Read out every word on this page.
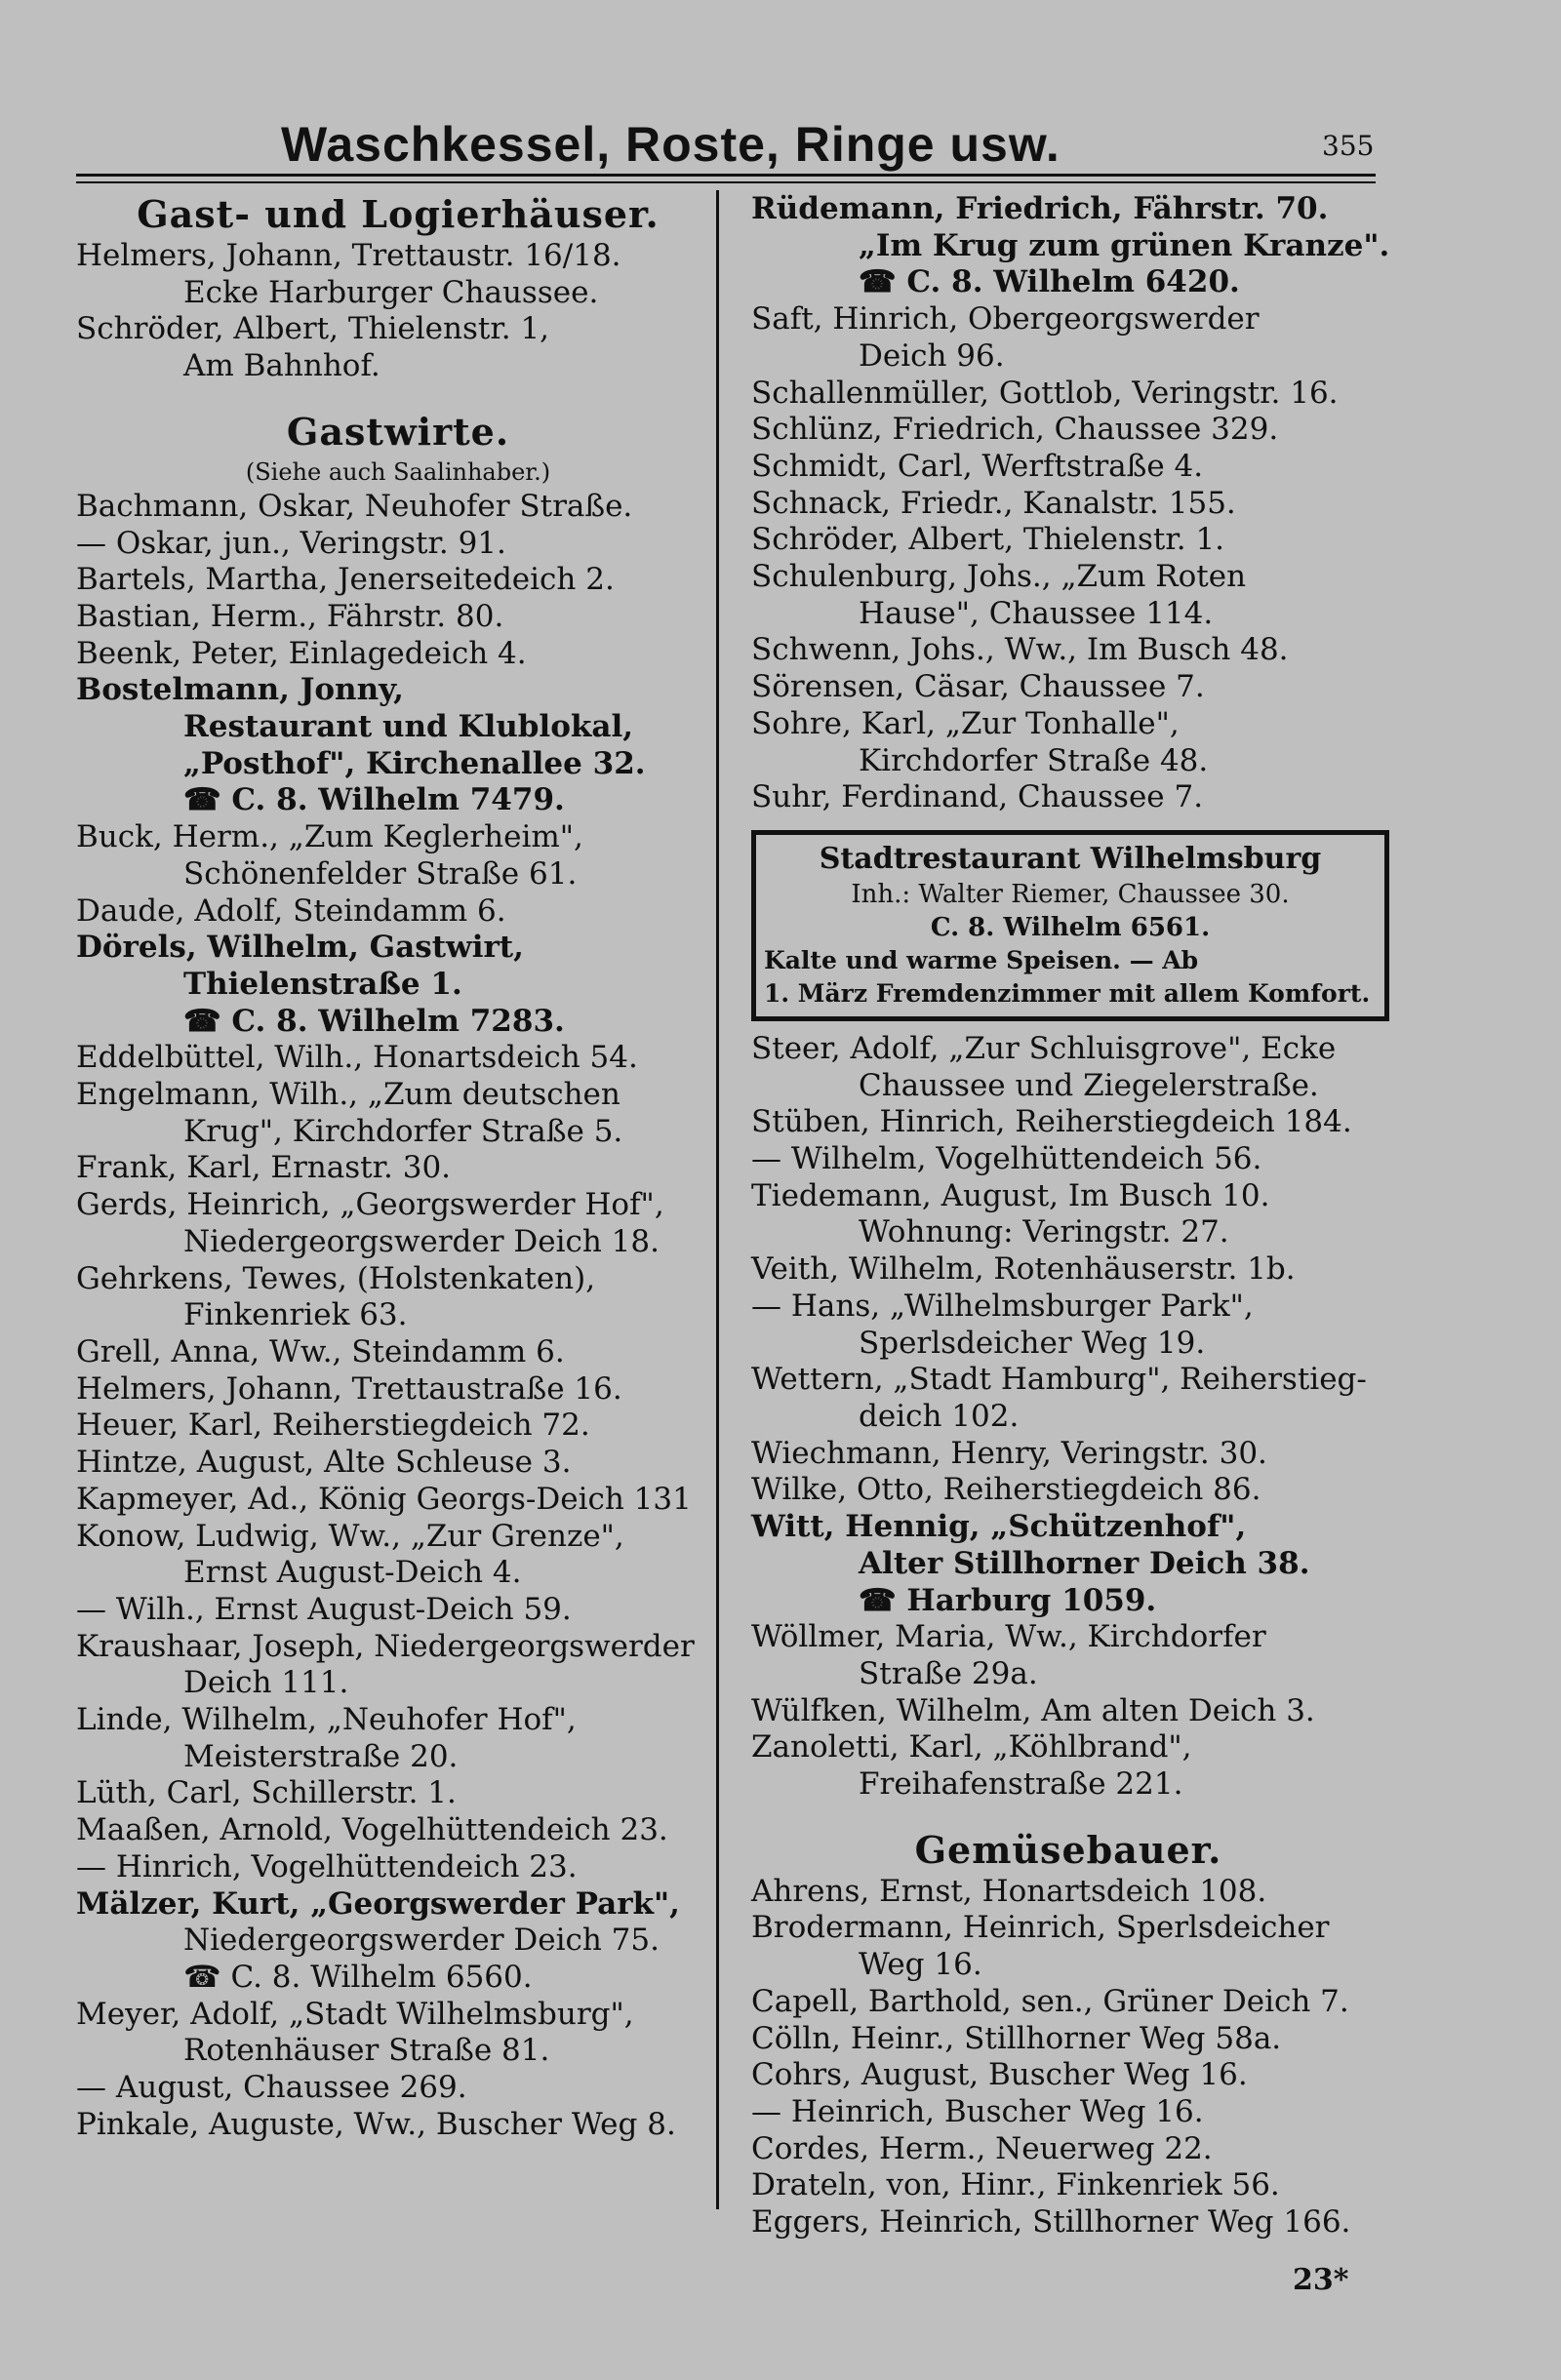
Waschkessel, Roste, Ringe usw.	355
Gast- und Logierhäuser.
Helmers, Johann, Trettaustr. 16/18.
Ecke Harburger Chaussee.
Schröder, Albert, Thielenstr. 1,
Am Bahnhof.
Gastwirte.
(Siehe auch Saalinhaber.)
Bachmann, Oskar, Neuhofer Straße.
— Oskar, jun., Veringstr. 91.
Bartels, Martha, Jenerseitedeich 2.
Bastian, Herm., Fährstr. 80.
Beenk, Peter, Einlagedeich 4.
Bostelmann, Jonny,
Restaurant und Klublokal,
„Posthof", Kirchenallee 32.
☎ C. 8. Wilhelm 7479.
Buck, Herm., „Zum Keglerheim",
Schönenfelder Straße 61.
Daude, Adolf, Steindamm 6.
Dörels, Wilhelm, Gastwirt,
Thielenstraße 1.
☎ C. 8. Wilhelm 7283.
Eddelbüttel, Wilh., Honartsdeich 54.
Engelmann, Wilh., „Zum deutschen
Krug", Kirchdorfer Straße 5.
Frank, Karl, Ernastr. 30.
Gerds, Heinrich, „Georgswerder Hof",
Niedergeorgswerder Deich 18.
Gehrkens, Tewes, (Holstenkaten),
Finkenriek 63.
Grell, Anna, Ww., Steindamm 6.
Helmers, Johann, Trettaustraße 16.
Heuer, Karl, Reiherstiegdeich 72.
Hintze, August, Alte Schleuse 3.
Kapmeyer, Ad., König Georgs-Deich 131
Konow, Ludwig, Ww., „Zur Grenze",
Ernst August-Deich 4.
— Wilh., Ernst August-Deich 59.
Kraushaar, Joseph, Niedergeorgswerder
Deich 111.
Linde, Wilhelm, „Neuhofer Hof",
Meisterstraße 20.
Lüth, Carl, Schillerstr. 1.
Maaßen, Arnold, Vogelhüttendeich 23.
— Hinrich, Vogelhüttendeich 23.
Mälzer, Kurt, „Georgswerder Park",
Niedergeorgswerder Deich 75.
☎ C. 8. Wilhelm 6560.
Meyer, Adolf, „Stadt Wilhelmsburg",
Rotenhäuser Straße 81.
— August, Chaussee 269.
Pinkale, Auguste, Ww., Buscher Weg 8.
Rüdemann, Friedrich, Fährstr. 70.
„Im Krug zum grünen Kranze".
☎ C. 8. Wilhelm 6420.
Saft, Hinrich, Obergeorgswerder
Deich 96.
Schallenmüller, Gottlob, Veringstr. 16.
Schlünz, Friedrich, Chaussee 329.
Schmidt, Carl, Werftstraße 4.
Schnack, Friedr., Kanalstr. 155.
Schröder, Albert, Thielenstr. 1.
Schulenburg, Johs., „Zum Roten
Hause", Chaussee 114.
Schwenn, Johs., Ww., Im Busch 48.
Sörensen, Cäsar, Chaussee 7.
Sohre, Karl, „Zur Tonhalle",
Kirchdorfer Straße 48.
Suhr, Ferdinand, Chaussee 7.
Stadtrestaurant Wilhelmsburg
Inh.: Walter Riemer, Chaussee 30.
C. 8. Wilhelm 6561.
Kalte und warme Speisen. — Ab
1. März Fremdenzimmer mit allem Komfort.
Steer, Adolf, „Zur Schluisgrove", Ecke
Chaussee und Ziegelerstraße.
Stüben, Hinrich, Reiherstiegdeich 184.
— Wilhelm, Vogelhüttendeich 56.
Tiedemann, August, Im Busch 10.
Wohnung: Veringstr. 27.
Veith, Wilhelm, Rotenhäuserstr. 1b.
— Hans, „Wilhelmsburger Park",
Sperlsdeicher Weg 19.
Wettern, „Stadt Hamburg", Reiherstieg-
deich 102.
Wiechmann, Henry, Veringstr. 30.
Wilke, Otto, Reiherstiegdeich 86.
Witt, Hennig, „Schützenhof",
Alter Stillhorner Deich 38.
☎ Harburg 1059.
Wöllmer, Maria, Ww., Kirchdorfer
Straße 29a.
Wülfken, Wilhelm, Am alten Deich 3.
Zanoletti, Karl, „Köhlbrand",
Freihafenstraße 221.
Gemüsebauer.
Ahrens, Ernst, Honartsdeich 108.
Brodermann, Heinrich, Sperlsdeicher
Weg 16.
Capell, Barthold, sen., Grüner Deich 7.
Cölln, Heinr., Stillhorner Weg 58a.
Cohrs, August, Buscher Weg 16.
— Heinrich, Buscher Weg 16.
Cordes, Herm., Neuerweg 22.
Drateln, von, Hinr., Finkenriek 56.
Eggers, Heinrich, Stillhorner Weg 166.
23*
